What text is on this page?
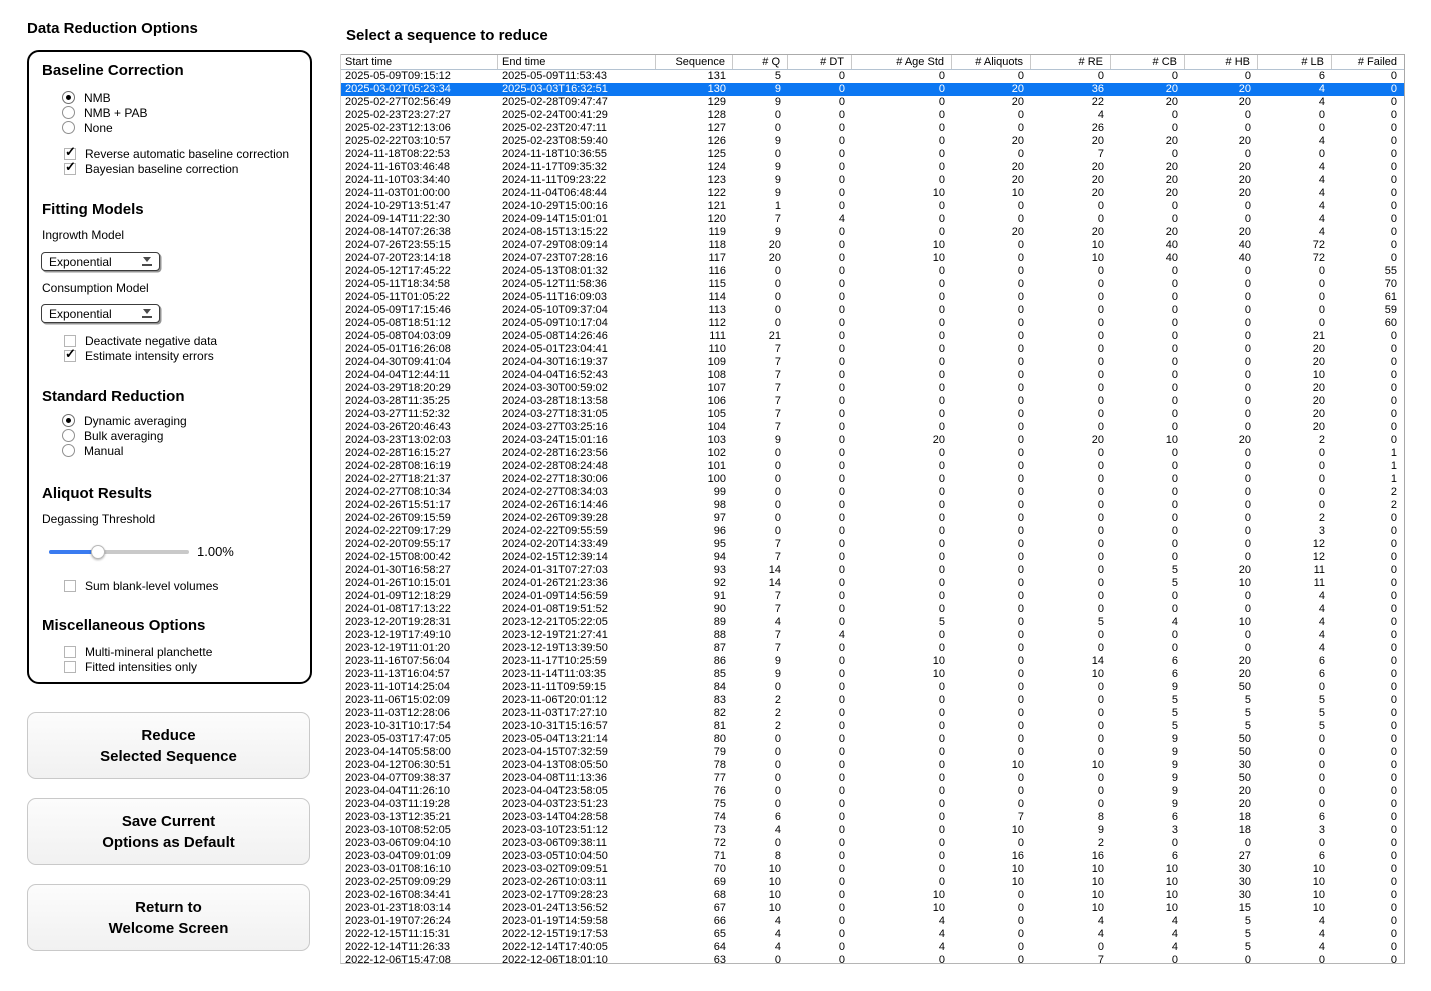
Data Reduction Options
Baseline Correction
NMB
NMB + PAB
None
✓ Reverse automatic baseline correction
✓ Bayesian baseline correction
Fitting Models
Ingrowth Model
Exponential
Consumption Model
Exponential
Deactivate negative data
✓ Estimate intensity errors
Standard Reduction
Dynamic averaging
Bulk averaging
Manual
Aliquot Results
Degassing Threshold
1.00%
Sum blank-level volumes
Miscellaneous Options
Multi-mineral planchette
Fitted intensities only
Reduce
Selected Sequence
Save Current
Options as Default
Return to
Welcome Screen
Select a sequence to reduce
Start time	End time	Sequence	# Q	# DT	# Age Std	# Aliquots	# RE	# CB	# HB	# LB	# Failed
2025-05-09T09:15:12	2025-05-09T11:53:43	131	5	0	0	0	0	0	0	6	0
2025-03-02T05:23:34	2025-03-03T16:32:51	130	9	0	0	20	36	20	20	4	0
2025-02-27T02:56:49	2025-02-28T09:47:47	129	9	0	0	20	22	20	20	4	0
2025-02-23T23:27:27	2025-02-24T00:41:29	128	0	0	0	0	4	0	0	0	0
2025-02-23T12:13:06	2025-02-23T20:47:11	127	0	0	0	0	26	0	0	0	0
2025-02-22T03:10:57	2025-02-23T08:59:40	126	9	0	0	20	20	20	20	4	0
2024-11-18T08:22:53	2024-11-18T10:36:55	125	0	0	0	0	7	0	0	0	0
2024-11-16T03:46:48	2024-11-17T09:35:32	124	9	0	0	20	20	20	20	4	0
2024-11-10T03:34:40	2024-11-11T09:23:22	123	9	0	0	20	20	20	20	4	0
2024-11-03T01:00:00	2024-11-04T06:48:44	122	9	0	10	10	20	20	20	4	0
2024-10-29T13:51:47	2024-10-29T15:00:16	121	1	0	0	0	0	0	0	4	0
2024-09-14T11:22:30	2024-09-14T15:01:01	120	7	4	0	0	0	0	0	4	0
2024-08-14T07:26:38	2024-08-15T13:15:22	119	9	0	0	20	20	20	20	4	0
2024-07-26T23:55:15	2024-07-29T08:09:14	118	20	0	10	0	10	40	40	72	0
2024-07-20T23:14:18	2024-07-23T07:28:16	117	20	0	10	0	10	40	40	72	0
2024-05-12T17:45:22	2024-05-13T08:01:32	116	0	0	0	0	0	0	0	0	55
2024-05-11T18:34:58	2024-05-12T11:58:36	115	0	0	0	0	0	0	0	0	70
2024-05-11T01:05:22	2024-05-11T16:09:03	114	0	0	0	0	0	0	0	0	61
2024-05-09T17:15:46	2024-05-10T09:37:04	113	0	0	0	0	0	0	0	0	59
2024-05-08T18:51:12	2024-05-09T10:17:04	112	0	0	0	0	0	0	0	0	60
2024-05-08T04:03:09	2024-05-08T14:26:46	111	21	0	0	0	0	0	0	21	0
2024-05-01T16:26:08	2024-05-01T23:04:41	110	7	0	0	0	0	0	0	20	0
2024-04-30T09:41:04	2024-04-30T16:19:37	109	7	0	0	0	0	0	0	20	0
2024-04-04T12:44:11	2024-04-04T16:52:43	108	7	0	0	0	0	0	0	10	0
2024-03-29T18:20:29	2024-03-30T00:59:02	107	7	0	0	0	0	0	0	20	0
2024-03-28T11:35:25	2024-03-28T18:13:58	106	7	0	0	0	0	0	0	20	0
2024-03-27T11:52:32	2024-03-27T18:31:05	105	7	0	0	0	0	0	0	20	0
2024-03-26T20:46:43	2024-03-27T03:25:16	104	7	0	0	0	0	0	0	20	0
2024-03-23T13:02:03	2024-03-24T15:01:16	103	9	0	20	0	20	10	20	2	0
2024-02-28T16:15:27	2024-02-28T16:23:56	102	0	0	0	0	0	0	0	0	1
2024-02-28T08:16:19	2024-02-28T08:24:48	101	0	0	0	0	0	0	0	0	1
2024-02-27T18:21:37	2024-02-27T18:30:06	100	0	0	0	0	0	0	0	0	1
2024-02-27T08:10:34	2024-02-27T08:34:03	99	0	0	0	0	0	0	0	0	2
2024-02-26T15:51:17	2024-02-26T16:14:46	98	0	0	0	0	0	0	0	0	2
2024-02-26T09:15:59	2024-02-26T09:39:28	97	0	0	0	0	0	0	0	2	0
2024-02-22T09:17:29	2024-02-22T09:55:59	96	0	0	0	0	0	0	0	3	0
2024-02-20T09:55:17	2024-02-20T14:33:49	95	7	0	0	0	0	0	0	12	0
2024-02-15T08:00:42	2024-02-15T12:39:14	94	7	0	0	0	0	0	0	12	0
2024-01-30T16:58:27	2024-01-31T07:27:03	93	14	0	0	0	0	5	20	11	0
2024-01-26T10:15:01	2024-01-26T21:23:36	92	14	0	0	0	0	5	10	11	0
2024-01-09T12:18:29	2024-01-09T14:56:59	91	7	0	0	0	0	0	0	4	0
2024-01-08T17:13:22	2024-01-08T19:51:52	90	7	0	0	0	0	0	0	4	0
2023-12-20T19:28:31	2023-12-21T05:22:05	89	4	0	5	0	5	4	10	4	0
2023-12-19T17:49:10	2023-12-19T21:27:41	88	7	4	0	0	0	0	0	4	0
2023-12-19T11:01:20	2023-12-19T13:39:50	87	7	0	0	0	0	0	0	4	0
2023-11-16T07:56:04	2023-11-17T10:25:59	86	9	0	10	0	14	6	20	6	0
2023-11-13T16:04:57	2023-11-14T11:03:35	85	9	0	10	0	10	6	20	6	0
2023-11-10T14:25:04	2023-11-11T09:59:15	84	0	0	0	0	0	9	50	0	0
2023-11-06T15:02:09	2023-11-06T20:01:12	83	2	0	0	0	0	5	5	5	0
2023-11-03T12:28:06	2023-11-03T17:27:10	82	2	0	0	0	0	5	5	5	0
2023-10-31T10:17:54	2023-10-31T15:16:57	81	2	0	0	0	0	5	5	5	0
2023-05-03T17:47:05	2023-05-04T13:21:14	80	0	0	0	0	0	9	50	0	0
2023-04-14T05:58:00	2023-04-15T07:32:59	79	0	0	0	0	0	9	50	0	0
2023-04-12T06:30:51	2023-04-13T08:05:50	78	0	0	0	10	10	9	30	0	0
2023-04-07T09:38:37	2023-04-08T11:13:36	77	0	0	0	0	0	9	50	0	0
2023-04-04T11:26:10	2023-04-04T23:58:05	76	0	0	0	0	0	9	20	0	0
2023-04-03T11:19:28	2023-04-03T23:51:23	75	0	0	0	0	0	9	20	0	0
2023-03-13T12:35:21	2023-03-14T04:28:58	74	6	0	0	7	8	6	18	6	0
2023-03-10T08:52:05	2023-03-10T23:51:12	73	4	0	0	10	9	3	18	3	0
2023-03-06T09:04:10	2023-03-06T09:38:11	72	0	0	0	0	2	0	0	0	0
2023-03-04T09:01:09	2023-03-05T10:04:50	71	8	0	0	16	16	6	27	6	0
2023-03-01T08:16:10	2023-03-02T09:09:51	70	10	0	0	10	10	10	30	10	0
2023-02-25T09:09:29	2023-02-26T10:03:11	69	10	0	0	10	10	10	30	10	0
2023-02-16T08:34:41	2023-02-17T09:28:23	68	10	0	10	0	10	10	30	10	0
2023-01-23T18:03:14	2023-01-24T13:56:52	67	10	0	10	0	10	10	15	10	0
2023-01-19T07:26:24	2023-01-19T14:59:58	66	4	0	4	0	4	4	5	4	0
2022-12-15T11:15:31	2022-12-15T19:17:53	65	4	0	4	0	4	4	5	4	0
2022-12-14T11:26:33	2022-12-14T17:40:05	64	4	0	4	0	0	4	5	4	0
2022-12-06T15:47:08	2022-12-06T18:01:10	63	0	0	0	0	7	0	0	0	0
